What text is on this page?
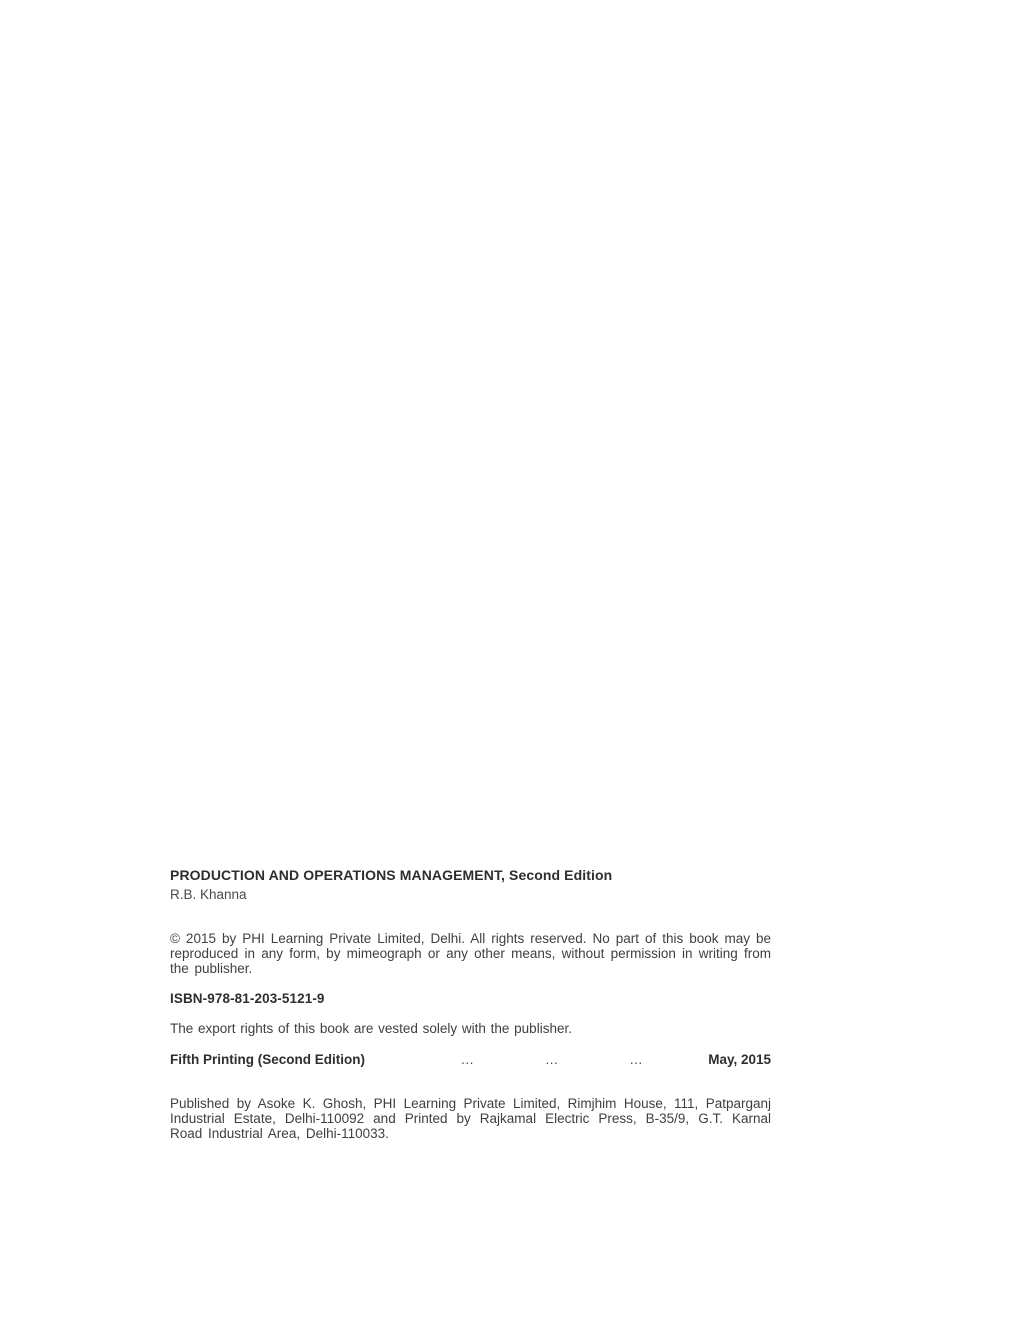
PRODUCTION AND OPERATIONS MANAGEMENT, Second Edition
R.B. Khanna

© 2015 by PHI Learning Private Limited, Delhi. All rights reserved. No part of this book may be reproduced in any form, by mimeograph or any other means, without permission in writing from the publisher.

ISBN-978-81-203-5121-9
The export rights of this book are vested solely with the publisher.
Fifth Printing (Second Edition)	…	…	…	May, 2015

Published by Asoke K. Ghosh, PHI Learning Private Limited, Rimjhim House, 111, Patparganj Industrial Estate, Delhi-110092 and Printed by Rajkamal Electric Press, B-35/9, G.T. Karnal Road Industrial Area, Delhi-110033.
